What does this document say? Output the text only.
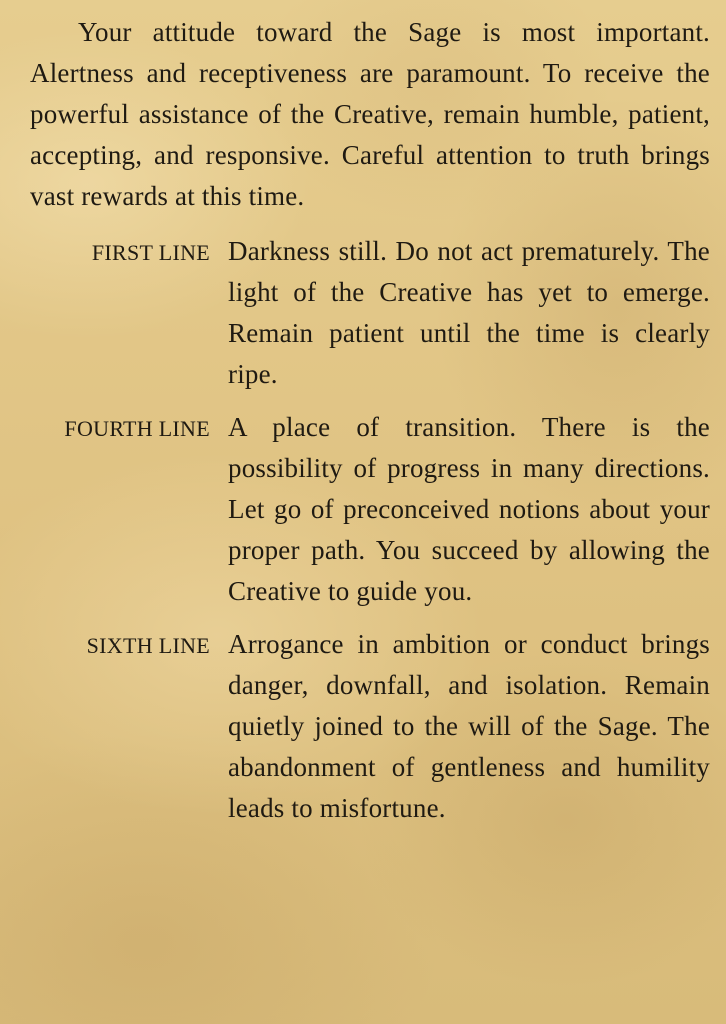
Your attitude toward the Sage is most important. Alertness and receptiveness are paramount. To receive the powerful assistance of the Creative, remain humble, patient, accepting, and responsive. Careful attention to truth brings vast rewards at this time.

FIRST LINE Darkness still. Do not act prematurely. The light of the Creative has yet to emerge. Remain patient until the time is clearly ripe.
FOURTH LINE A place of transition. There is the possibility of progress in many directions. Let go of preconceived notions about your proper path. You succeed by allowing the Creative to guide you.
SIXTH LINE Arrogance in ambition or conduct brings danger, downfall, and isolation. Remain quietly joined to the will of the Sage. The abandonment of gentleness and humility leads to misfortune.
